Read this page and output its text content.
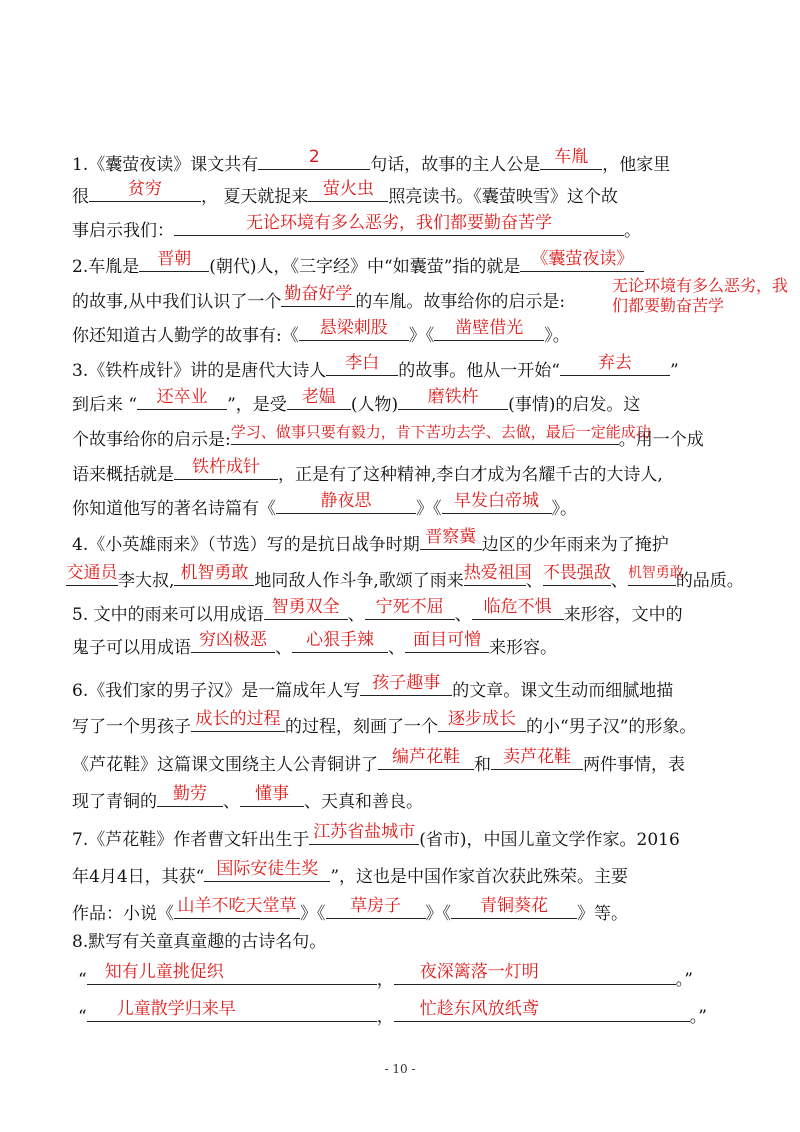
1.《囊萤夜读》课文共有	2	句话，故事的主人公是 车胤 ，他家里
很	贫穷	， 夏天就捉来 萤火虫 照亮读书。《囊萤映雪》这个故
事启示我们：	无论环境有多么恶劣，我们都要勤奋苦学	。
2.车胤是	晋朝	(朝代)人，《三字经》中“如囊萤”指的就是 《囊萤夜读》
的故事,从中我们认识了一个 勤奋好学 的车胤。故事给你的启示是:
无论环境有多么恶劣，我们都要勤奋苦学
你还知道古人勤学的故事有:《	悬梁刺股	》《	凿壁借光	》。
3.《铁杵成针》讲的是唐代大诗人	李白	的故事。他从一开始“	弃去	”
到后来 “	还卒业	”，是受 老媪 (人物)	磨铁杵	(事情)的启发。这
个故事给你的启示是: 学习、做事只要有毅力，肯下苦功去学、去做，最后一定能成功
。用一个成
语来概括就是	铁杵成针	，正是有了这种精神,李白才成为名耀千古的大诗人,
你知道他写的著名诗篇有《	静夜思	》《 早发白帝城 》。
4.《小英雄雨来》（节选）写的是抗日战争时期 晋察冀 边区的少年雨来为了掩护
交通员 李大叔, 机智勇敢 地同敌人作斗争,歌颂了雨来 热爱祖国
、 不畏强敌 、 机智勇敢
的品质。
5. 文中的雨来可以用成语 智勇双全 、 宁死不屈 、 临危不惧 来形容，文中的
鬼子可以用成语 穷凶极恶 、 心狠手辣 、 面目可憎 来形容。
6.《我们家的男子汉》是一篇成年人写 孩子趣事 的文章。课文生动而细腻地描
写了一个男孩子 成长的过程 的过程，刻画了一个 逐步成长 的小“男子汉”的形象。
《芦花鞋》这篇课文围绕主人公青铜讲了 编芦花鞋 和 卖芦花鞋 两件事情，表
现了青铜的 勤劳 、 懂事 、天真和善良。
7.《芦花鞋》作者曹文轩出生于 江苏省盐城市 (省市)，中国儿童文学作家。2016
年4月4日，其获“ 国际安徒生奖 ”，这也是中国作家首次获此殊荣。主要
作品：小说《 山羊不吃天堂草 》《	草房子	》《	青铜葵花	》等。
8.默写有关童真童趣的古诗名句。
“	知有儿童挑促织	，	夜深篱落一灯明	。”
“	儿童散学归来早	，	忙趁东风放纸鸢	。”
- 10 -
